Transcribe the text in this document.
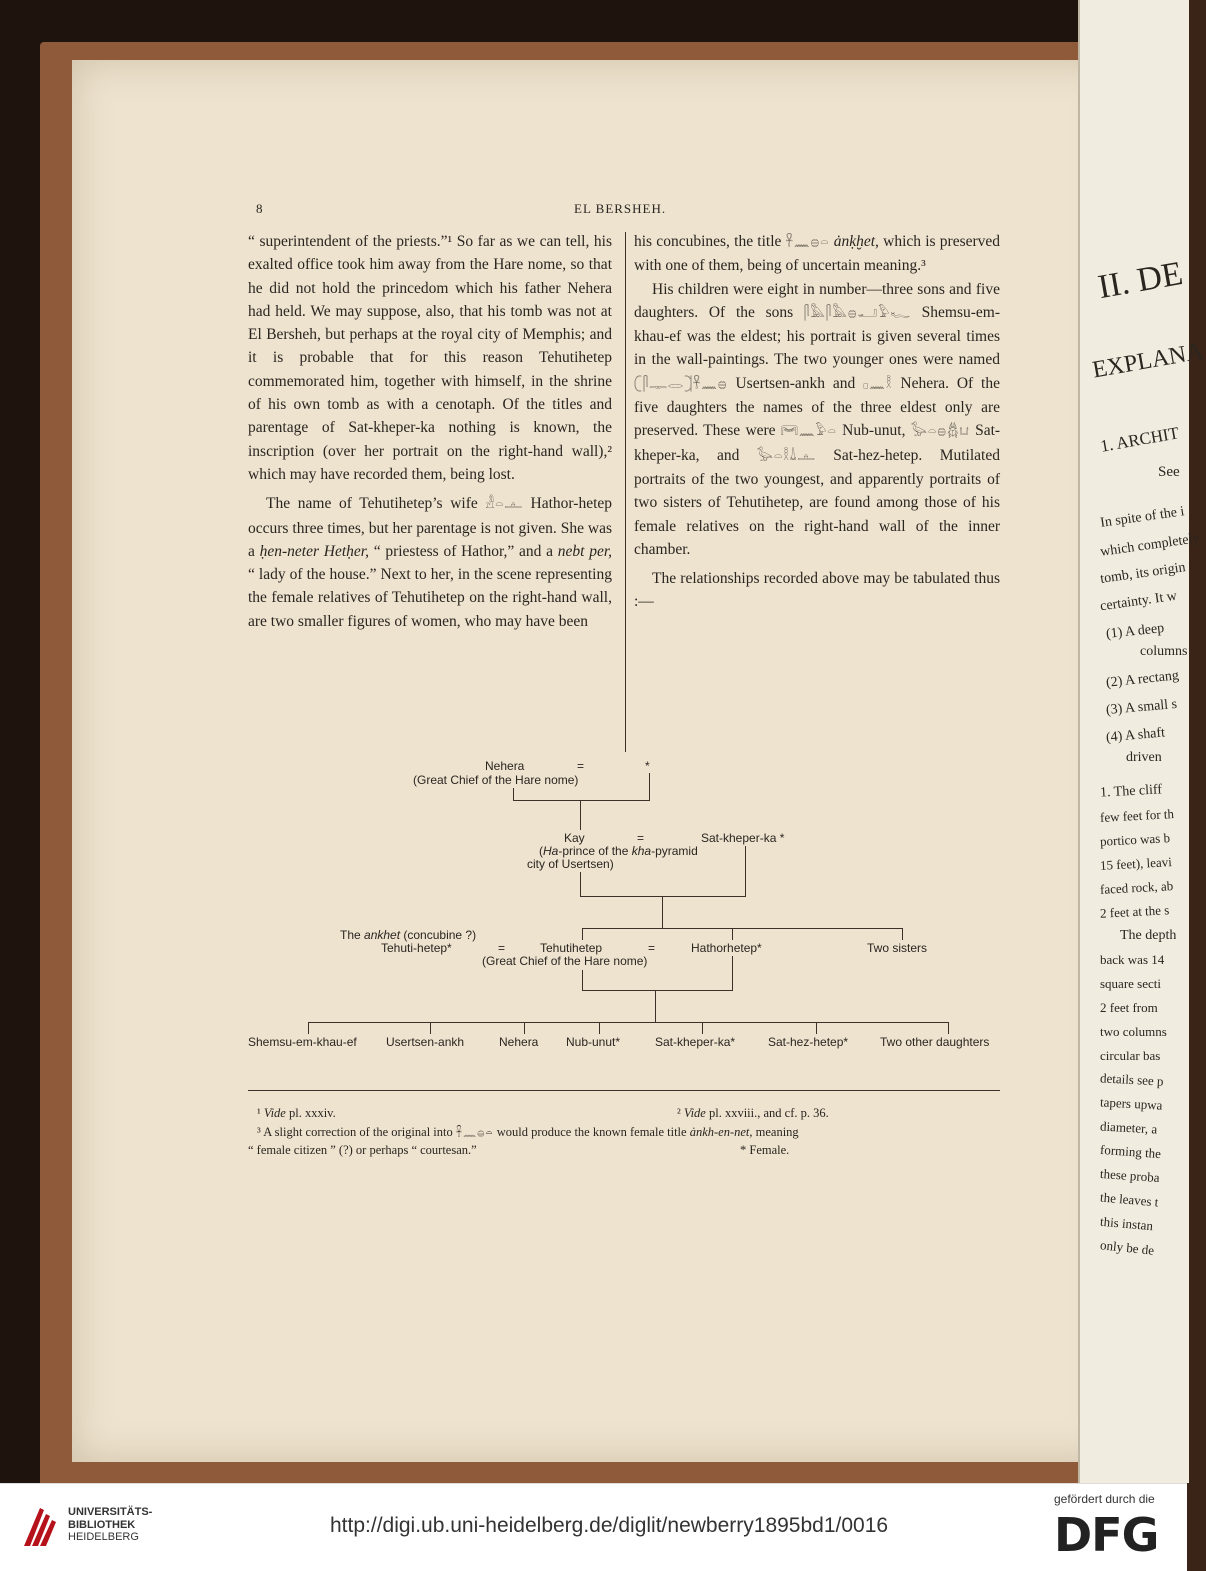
8	EL BERSHEH.

“ superintendent of the priests.”¹ So far as we can tell, his exalted office took him away from the Hare nome, so that he did not hold the princedom which his father Nehera had held. We may suppose, also, that his tomb was not at El Bersheh, but perhaps at the royal city of Memphis; and it is probable that for this reason Tehutihetep commemorated him, together with himself, in the shrine of his own tomb as with a cenotaph. Of the titles and parentage of Sat-kheper-ka nothing is known, the inscription (over her portrait on the right-hand wall),² which may have recorded them, being lost.

The name of Tehutihetep’s wife 𓁐𓏏𓊵 Hathor-hetep occurs three times, but her parentage is not given. She was a ḥen-neter Hetḥer, “ priestess of Hathor,” and a nebt per, “ lady of the house.” Next to her, in the scene representing the female relatives of Tehutihetep on the right-hand wall, are two smaller figures of women, who may have been

his concubines, the title 𓋹𓈖𓐍𓏏 ȧnḳḫet, which is preserved with one of them, being of uncertain meaning.³

His children were eight in number—three sons and five daughters. Of the sons 𓋴𓅓𓋴𓅓𓐍𓂝𓅱𓆑 Shemsu-em-khau-ef was the eldest; his portrait is given several times in the wall-paintings. The two younger ones were named 𓍹𓋴𓊃𓂋𓍺𓋹𓈖𓐍 Usertsen-ankh and 𓊪𓈖𓎛 Nehera. Of the five daughters the names of the three eldest only are preserved. These were 𓋞𓈖𓅱𓏏 Nub-unut, 𓅭𓏏𓐍𓆣𓂓 Sat-kheper-ka, and 𓅭𓏏𓎛𓍑𓊵 Sat-hez-hetep. Mutilated portraits of the two youngest, and apparently portraits of two sisters of Tehutihetep, are found among those of his female relatives on the right-hand wall of the inner chamber.

The relationships recorded above may be tabulated thus :—

Nehera	=	*
(Great Chief of the Hare nome)
Kay	=	Sat-kheper-ka *
(Ha-prince of the kha-pyramid
city of Usertsen)
The ankhet (concubine ?)
Tehuti-hetep*	=	Tehutihetep	=	Hathorhetep*	Two sisters
(Great Chief of the Hare nome)
Shemsu-em-khau-ef Usertsen-ankh	Nehera Nub-unut*	Sat-kheper-ka*	Sat-hez-hetep*	Two other daughters
¹ Vide pl. xxxiv.	² Vide pl. xxviii., and cf. p. 36.
³ A slight correction of the original into 𓋹𓈖𓐍𓏏 would produce the known female title ȧnkh-en-net, meaning
“ female citizen ” (?) or perhaps “ courtesan.”	* Female.
II. DE
EXPLANA
1. ARCHIT
See
In spite of the i
which completely
tomb, its origin
certainty. It w
(1) A deep
columns
(2) A rectang
(3) A small s
(4) A shaft
driven
1. The cliff
few feet for th
portico was b
15 feet), leavi
faced rock, ab
2 feet at the s
The depth
back was 14
square secti
2 feet from
two columns
circular bas
details see p
tapers upwa
diameter, a
forming the
these proba
the leaves t
this instan
only be de
UNIVERSITÄTS-
BIBLIOTHEK
HEIDELBERG	http://digi.ub.uni-heidelberg.de/diglit/newberry1895bd1/0016
gefördert durch die
DFG
